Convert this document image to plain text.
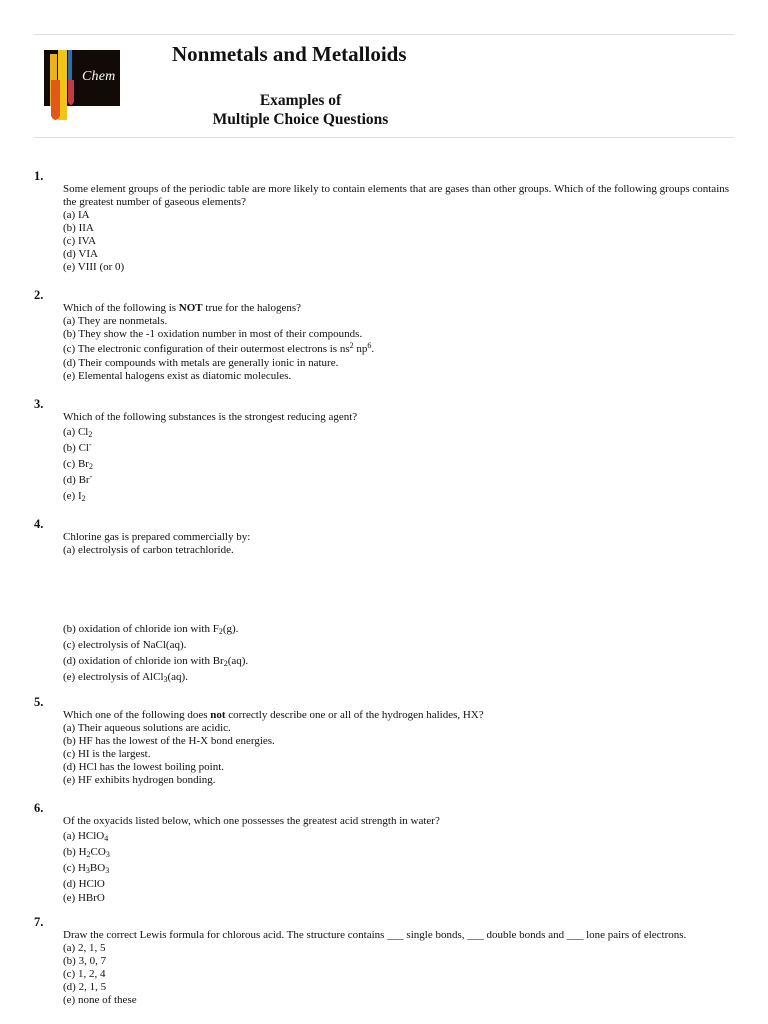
Chem
Nonmetals and Metalloids
Examples of
Multiple Choice Questions
1.
Some element groups of the periodic table are more likely to contain elements that are gases than other groups. Which of the following groups contains the greatest number of gaseous elements?
(a) IA
(b) IIA
(c) IVA
(d) VIA
(e) VIII (or 0)
2.
Which of the following is NOT true for the halogens?
(a) They are nonmetals.
(b) They show the -1 oxidation number in most of their compounds.
(c) The electronic configuration of their outermost electrons is $ns^2$ $np^6$.
(d) Their compounds with metals are generally ionic in nature.
(e) Elemental halogens exist as diatomic molecules.
3.
Which of the following substances is the strongest reducing agent?
(a) $Cl_2$
(b) Cl-
(c) $Br_2$
(d) Br-
(e) $I_2$
4.
Chlorine gas is prepared commercially by:
(a) electrolysis of carbon tetrachloride.
(b) oxidation of chloride ion with $F_2(g)$.
(c) electrolysis of NaCl(aq).
(d) oxidation of chloride ion with $Br_2(aq)$.
(e) electrolysis of AlCl$_3$(aq).
5.
Which one of the following does not correctly describe one or all of the hydrogen halides, HX?
(a) Their aqueous solutions are acidic.
(b) HF has the lowest of the H-X bond energies.
(c) HI is the largest.
(d) HCl has the lowest boiling point.
(e) HF exhibits hydrogen bonding.
6.
Of the oxyacids listed below, which one possesses the greatest acid strength in water?
(a) HClO$_4$
(b) $H_2CO_3$
(c) $H_3BO_3$
(d) HClO
(e) HBrO
7.
Draw the correct Lewis formula for chlorous acid. The structure contains ___ single bonds, ___ double bonds and ___ lone pairs of electrons.
(a) 2, 1, 5
(b) 3, 0, 7
(c) 1, 2, 4
(d) 2, 1, 5
(e) none of these
